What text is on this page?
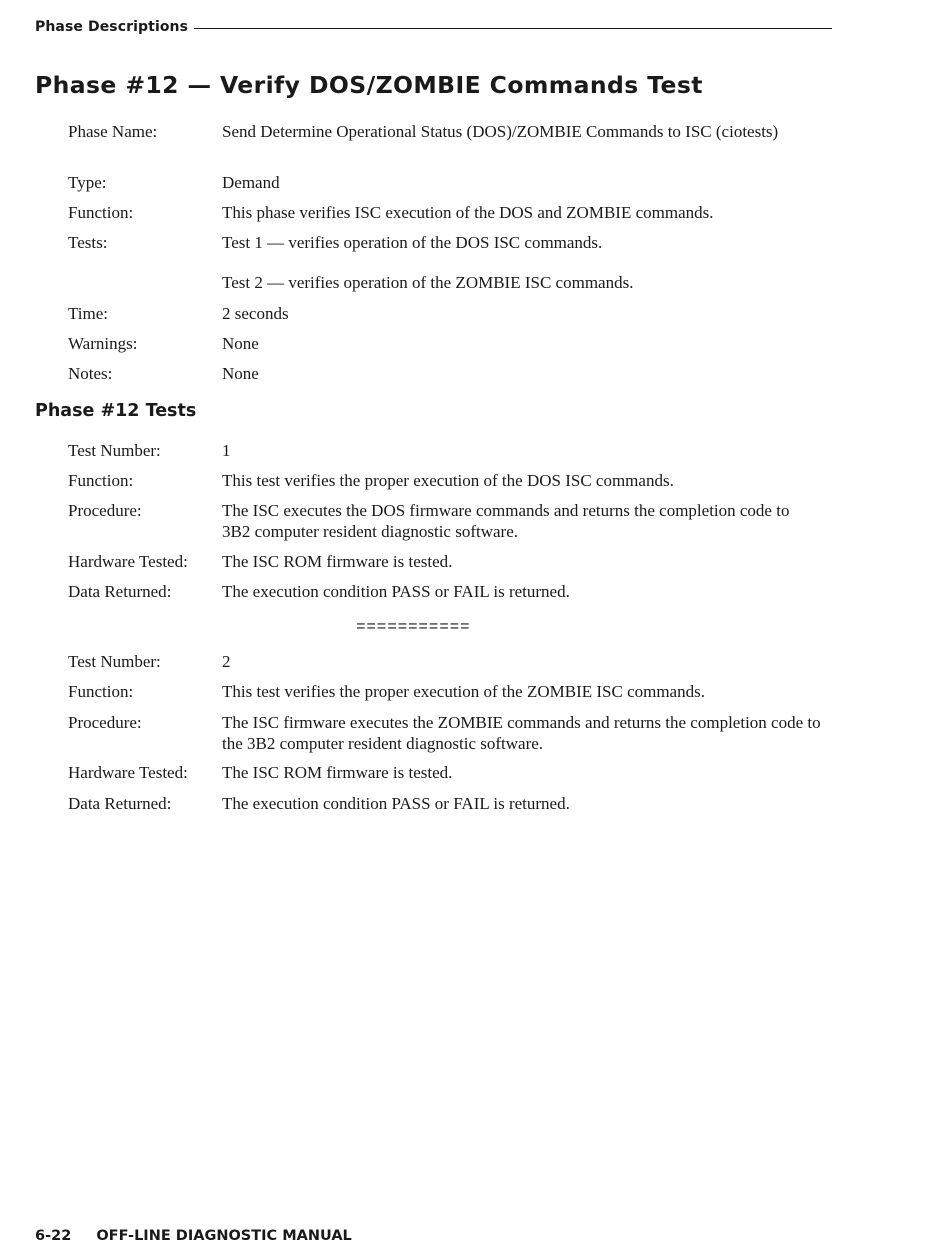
Phase Descriptions
Phase #12 — Verify DOS/ZOMBIE Commands Test
Phase Name:	Send Determine Operational Status (DOS)/ZOMBIE Commands to ISC (ciotests)
Type:	Demand
Function:	This phase verifies ISC execution of the DOS and ZOMBIE commands.
Tests:	Test 1 — verifies operation of the DOS ISC commands.
Test 2 — verifies operation of the ZOMBIE ISC commands.
Time:	2 seconds
Warnings:	None
Notes:	None
Phase #12 Tests
Test Number:	1
Function:	This test verifies the proper execution of the DOS ISC commands.
Procedure:	The ISC executes the DOS firmware commands and returns the completion code to 3B2 computer resident diagnostic software.
Hardware Tested: The ISC ROM firmware is tested.
Data Returned:	The execution condition PASS or FAIL is returned.
===========
Test Number:	2
Function:	This test verifies the proper execution of the ZOMBIE ISC commands.
Procedure:	The ISC firmware executes the ZOMBIE commands and returns the completion code to the 3B2 computer resident diagnostic software.
Hardware Tested: The ISC ROM firmware is tested.
Data Returned:	The execution condition PASS or FAIL is returned.
6-22 OFF-LINE DIAGNOSTIC MANUAL
